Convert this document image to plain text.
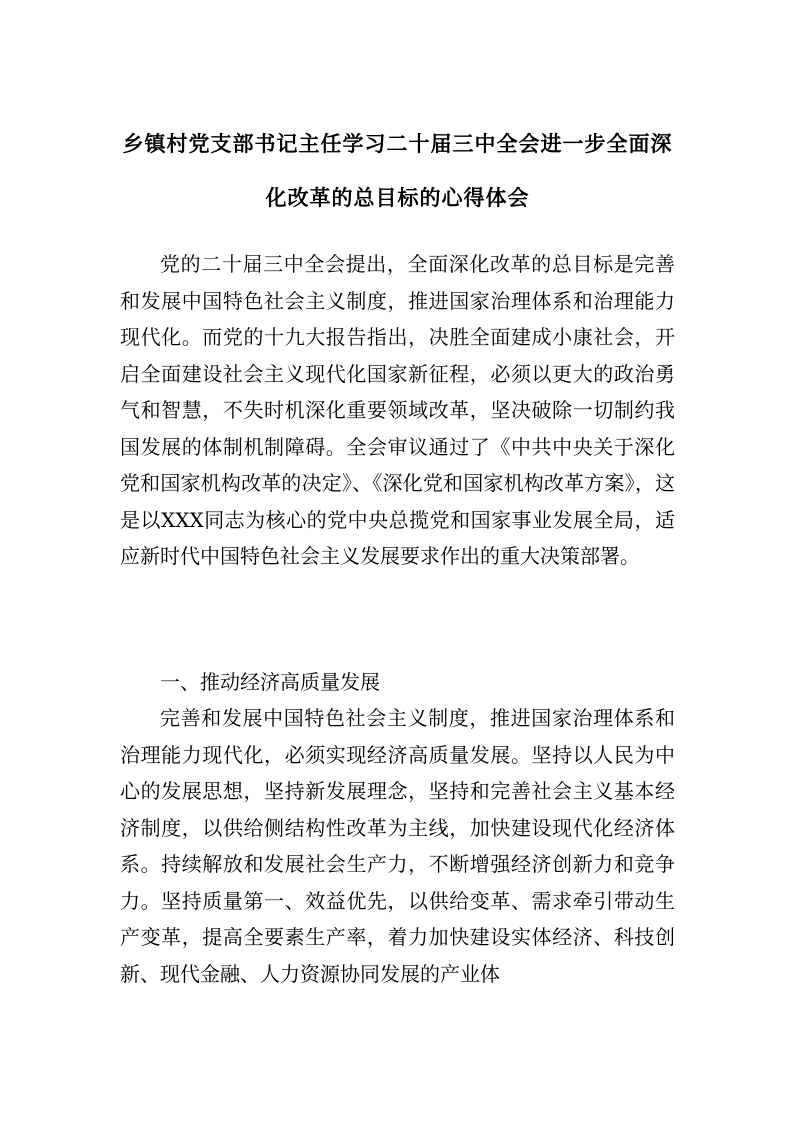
乡镇村党支部书记主任学习二十届三中全会进一步全面深
化改革的总目标的心得体会

党的二十届三中全会提出，全面深化改革的总目标是完善和发展中国特色社会主义制度，推进国家治理体系和治理能力现代化。而党的十九大报告指出，决胜全面建成小康社会，开启全面建设社会主义现代化国家新征程，必须以更大的政治勇气和智慧，不失时机深化重要领域改革，坚决破除一切制约我国发展的体制机制障碍。全会审议通过了《中共中央关于深化党和国家机构改革的决定》、《深化党和国家机构改革方案》，这是以XXX同志为核心的党中央总揽党和国家事业发展全局，适应新时代中国特色社会主义发展要求作出的重大决策部署。

一、推动经济高质量发展

完善和发展中国特色社会主义制度，推进国家治理体系和治理能力现代化，必须实现经济高质量发展。坚持以人民为中心的发展思想，坚持新发展理念，坚持和完善社会主义基本经济制度，以供给侧结构性改革为主线，加快建设现代化经济体系。持续解放和发展社会生产力，不断增强经济创新力和竞争力。坚持质量第一、效益优先，以供给变革、需求牵引带动生产变革，提高全要素生产率，着力加快建设实体经济、科技创新、现代金融、人力资源协同发展的产业体
